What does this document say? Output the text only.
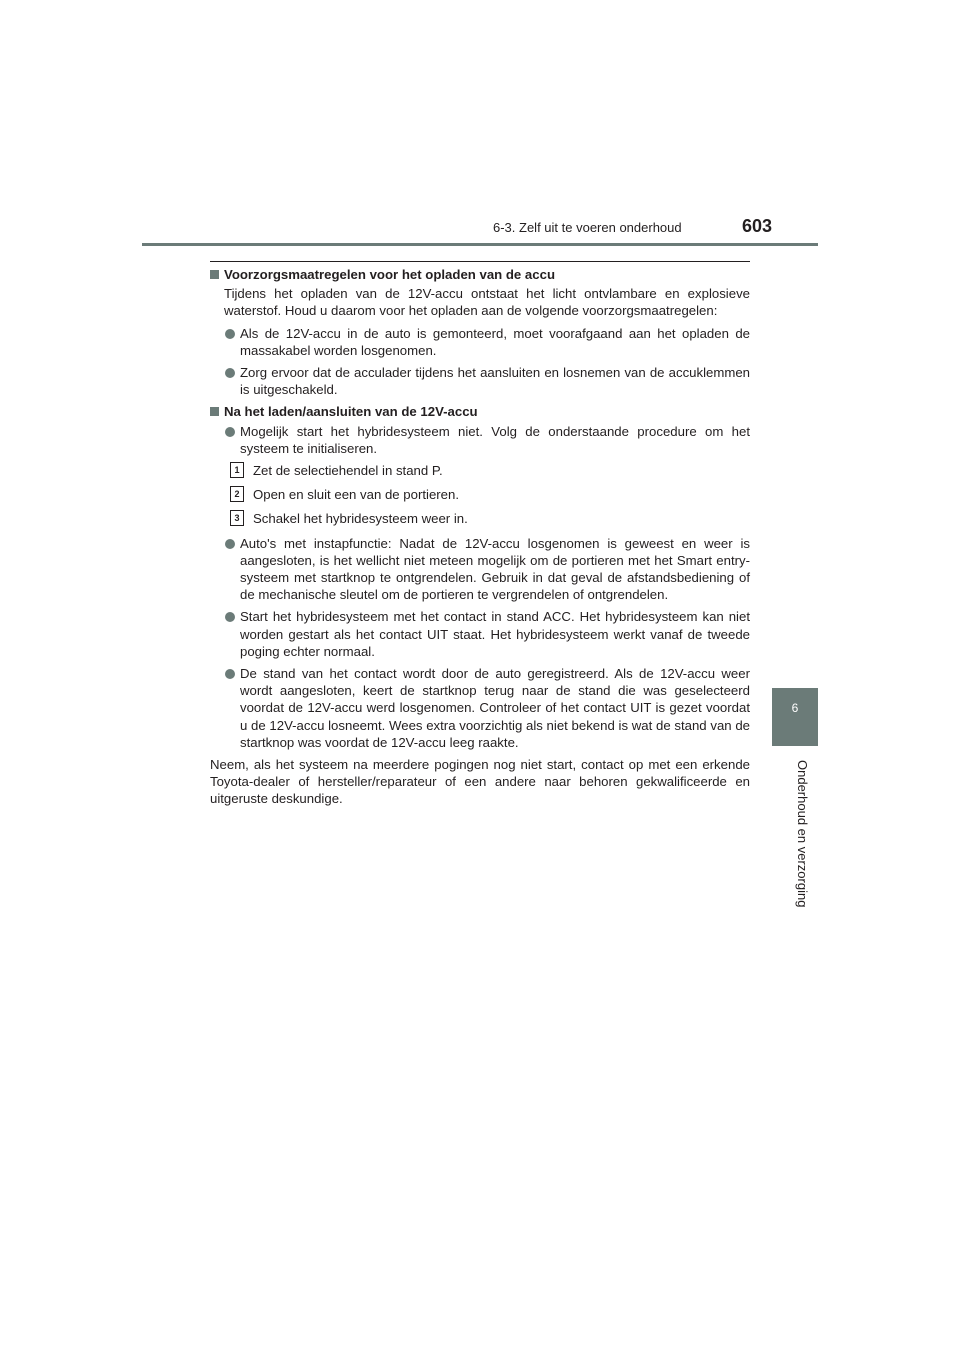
6-3. Zelf uit te voeren onderhoud	603
6
Onderhoud en verzorging

Voorzorgsmaatregelen voor het opladen van de accu

Tijdens het opladen van de 12V-accu ontstaat het licht ontvlambare en explosieve waterstof. Houd u daarom voor het opladen aan de volgende voorzorgsmaatregelen:

Als de 12V-accu in de auto is gemonteerd, moet voorafgaand aan het opladen de massakabel worden losgenomen.

Zorg ervoor dat de acculader tijdens het aansluiten en losnemen van de accuklemmen is uitgeschakeld.

Na het laden/aansluiten van de 12V-accu

Mogelijk start het hybridesysteem niet. Volg de onderstaande procedure om het systeem te initialiseren.

1	Zet de selectiehendel in stand P.

2	Open en sluit een van de portieren.

3	Schakel het hybridesysteem weer in.

Auto's met instapfunctie: Nadat de 12V-accu losgenomen is geweest en weer is aangesloten, is het wellicht niet meteen mogelijk om de portieren met het Smart entry-systeem met startknop te ontgrendelen. Gebruik in dat geval de afstandsbediening of de mechanische sleutel om de portieren te vergrendelen of ontgrendelen.

Start het hybridesysteem met het contact in stand ACC. Het hybridesysteem kan niet worden gestart als het contact UIT staat. Het hybridesysteem werkt vanaf de tweede poging echter normaal.

De stand van het contact wordt door de auto geregistreerd. Als de 12V-accu weer wordt aangesloten, keert de startknop terug naar de stand die was geselecteerd voordat de 12V-accu werd losgenomen. Controleer of het contact UIT is gezet voordat u de 12V-accu losneemt. Wees extra voorzichtig als niet bekend is wat de stand van de startknop was voordat de 12V-accu leeg raakte.

Neem, als het systeem na meerdere pogingen nog niet start, contact op met een erkende Toyota-dealer of hersteller/reparateur of een andere naar behoren gekwalificeerde en uitgeruste deskundige.
